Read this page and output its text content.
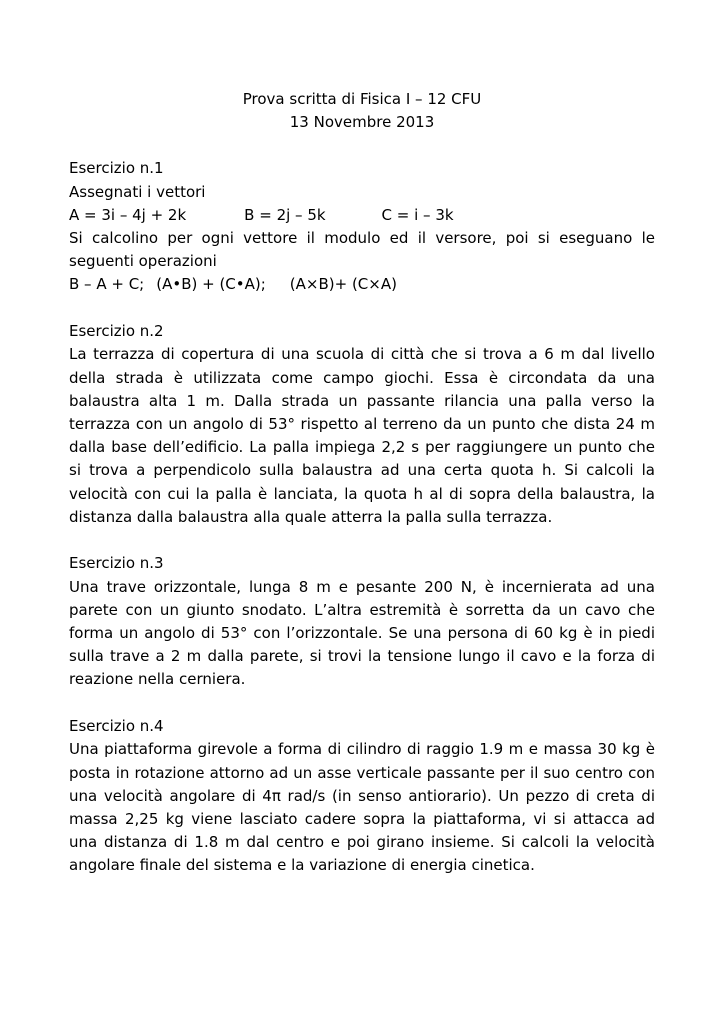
Prova scritta di Fisica I – 12 CFU
13 Novembre 2013
Esercizio n.1
Assegnati i vettori
A = 3i – 4j + 2k	B = 2j – 5k	C = i – 3k

Si calcolino per ogni vettore il modulo ed il versore, poi si eseguano le seguenti operazioni

B – A + C; (A•B) + (C•A); (A×B)+ (C×A)
Esercizio n.2

La terrazza di copertura di una scuola di città che si trova a 6 m dal livello della strada è utilizzata come campo giochi. Essa è circondata da una balaustra alta 1 m. Dalla strada un passante rilancia una palla verso la terrazza con un angolo di 53° rispetto al terreno da un punto che dista 24 m dalla base dell’edificio. La palla impiega 2,2 s per raggiungere un punto che si trova a perpendicolo sulla balaustra ad una certa quota h. Si calcoli la velocità con cui la palla è lanciata, la quota h al di sopra della balaustra, la distanza dalla balaustra alla quale atterra la palla sulla terrazza.

Esercizio n.3

Una trave orizzontale, lunga 8 m e pesante 200 N, è incernierata ad una parete con un giunto snodato. L’altra estremità è sorretta da un cavo che forma un angolo di 53° con l’orizzontale. Se una persona di 60 kg è in piedi sulla trave a 2 m dalla parete, si trovi la tensione lungo il cavo e la forza di reazione nella cerniera.

Esercizio n.4

Una piattaforma girevole a forma di cilindro di raggio 1.9 m e massa 30 kg è posta in rotazione attorno ad un asse verticale passante per il suo centro con una velocità angolare di 4π rad/s (in senso antiorario). Un pezzo di creta di massa 2,25 kg viene lasciato cadere sopra la piattaforma, vi si attacca ad una distanza di 1.8 m dal centro e poi girano insieme. Si calcoli la velocità angolare finale del sistema e la variazione di energia cinetica.
